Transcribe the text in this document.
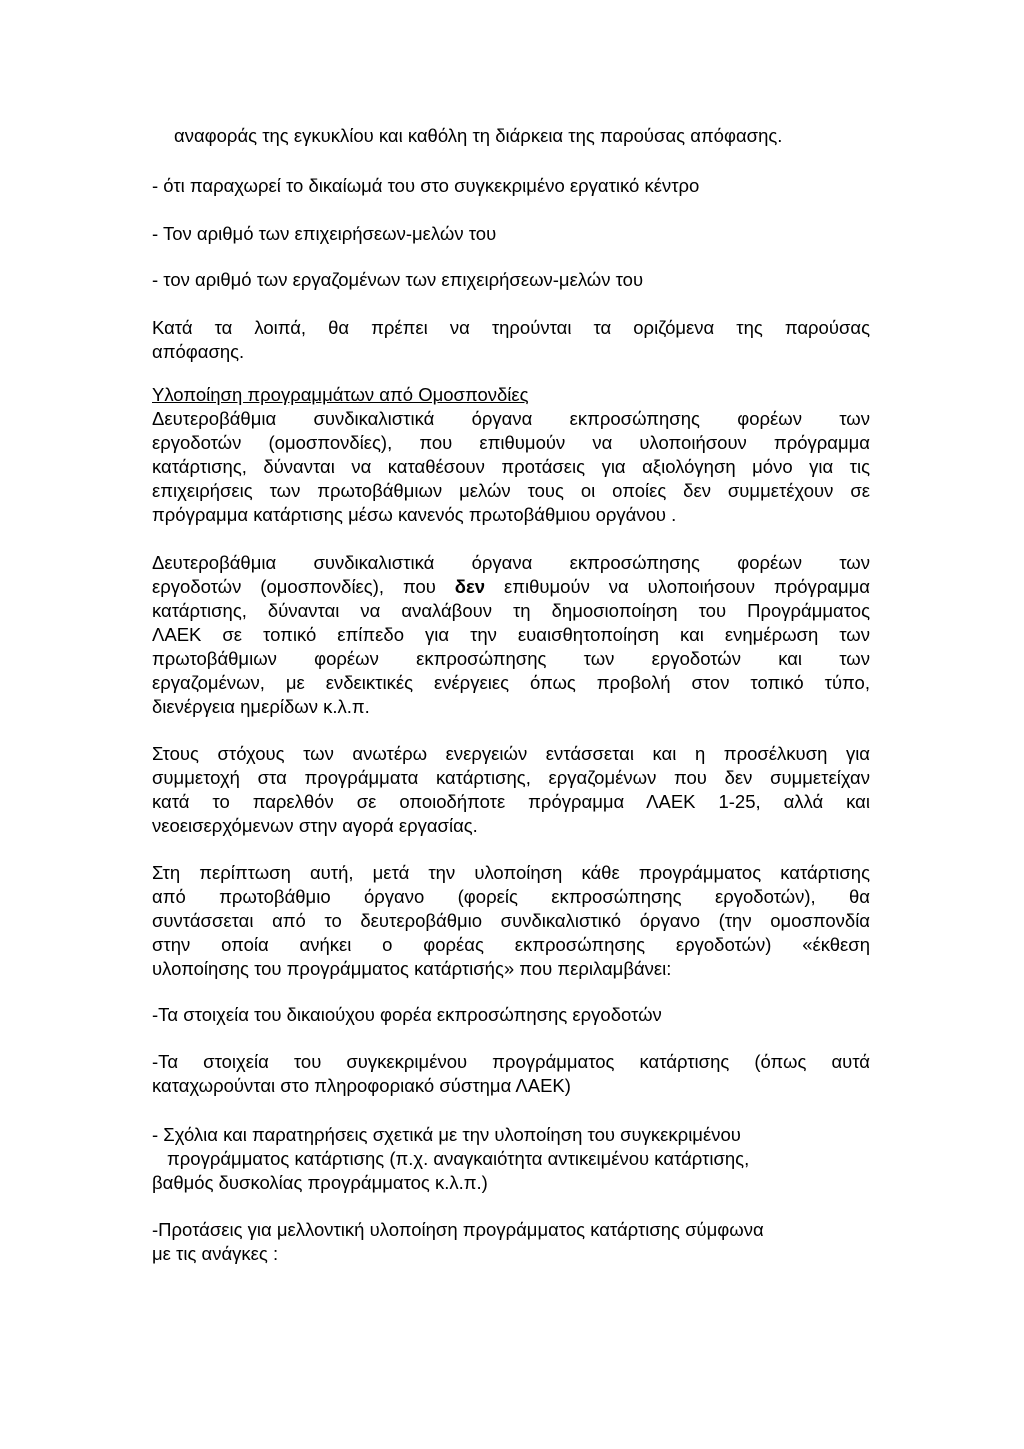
αναφοράς της εγκυκλίου και καθόλη τη διάρκεια της παρούσας απόφασης.

- ότι παραχωρεί το δικαίωμά του στο συγκεκριμένο εργατικό κέντρο

- Τον αριθμό των επιχειρήσεων-μελών του

- τον αριθμό των εργαζομένων των επιχειρήσεων-μελών του

Κατά τα λοιπά, θα πρέπει να τηρούνται τα οριζόμενα της παρούσας
απόφασης.

Υλοποίηση προγραμμάτων από Ομοσπονδίες

Δευτεροβάθμια συνδικαλιστικά όργανα εκπροσώπησης φορέων των
εργοδοτών (ομοσπονδίες), που επιθυμούν να υλοποιήσουν πρόγραμμα
κατάρτισης, δύνανται να καταθέσουν προτάσεις για αξιολόγηση μόνο για τις
επιχειρήσεις των πρωτοβάθμιων μελών τους οι οποίες δεν συμμετέχουν σε
πρόγραμμα κατάρτισης μέσω κανενός πρωτοβάθμιου οργάνου .
Δευτεροβάθμια συνδικαλιστικά όργανα εκπροσώπησης φορέων των
εργοδοτών (ομοσπονδίες), που δεν επιθυμούν να υλοποιήσουν πρόγραμμα
κατάρτισης, δύνανται να αναλάβουν τη δημοσιοποίηση του Προγράμματος
ΛΑΕΚ σε τοπικό επίπεδο για την ευαισθητοποίηση και ενημέρωση των
πρωτοβάθμιων φορέων εκπροσώπησης των εργοδοτών και των
εργαζομένων, με ενδεικτικές ενέργειες όπως προβολή στον τοπικό τύπο,
διενέργεια ημερίδων κ.λ.π.
Στους στόχους των ανωτέρω ενεργειών εντάσσεται και η προσέλκυση για
συμμετοχή στα προγράμματα κατάρτισης, εργαζομένων που δεν συμμετείχαν
κατά το παρελθόν σε οποιοδήποτε πρόγραμμα ΛΑΕΚ 1-25, αλλά και
νεοεισερχόμενων στην αγορά εργασίας.
Στη περίπτωση αυτή, μετά την υλοποίηση κάθε προγράμματος κατάρτισης
από πρωτοβάθμιο όργανο (φορείς εκπροσώπησης εργοδοτών), θα
συντάσσεται από το δευτεροβάθμιο συνδικαλιστικό όργανο (την ομοσπονδία
στην οποία ανήκει ο φορέας εκπροσώπησης εργοδοτών) «έκθεση
υλοποίησης του προγράμματος κατάρτισής» που περιλαμβάνει:

-Τα στοιχεία του δικαιούχου φορέα εκπροσώπησης εργοδοτών

-Τα στοιχεία του συγκεκριμένου προγράμματος κατάρτισης (όπως αυτά
καταχωρούνται στο πληροφοριακό σύστημα ΛΑΕΚ)

- Σχόλια και παρατηρήσεις σχετικά με την υλοποίηση του συγκεκριμένου

προγράμματος κατάρτισης (π.χ. αναγκαιότητα αντικειμένου κατάρτισης,

βαθμός δυσκολίας προγράμματος κ.λ.π.)

-Προτάσεις για μελλοντική υλοποίηση προγράμματος κατάρτισης σύμφωνα

με τις ανάγκες :
